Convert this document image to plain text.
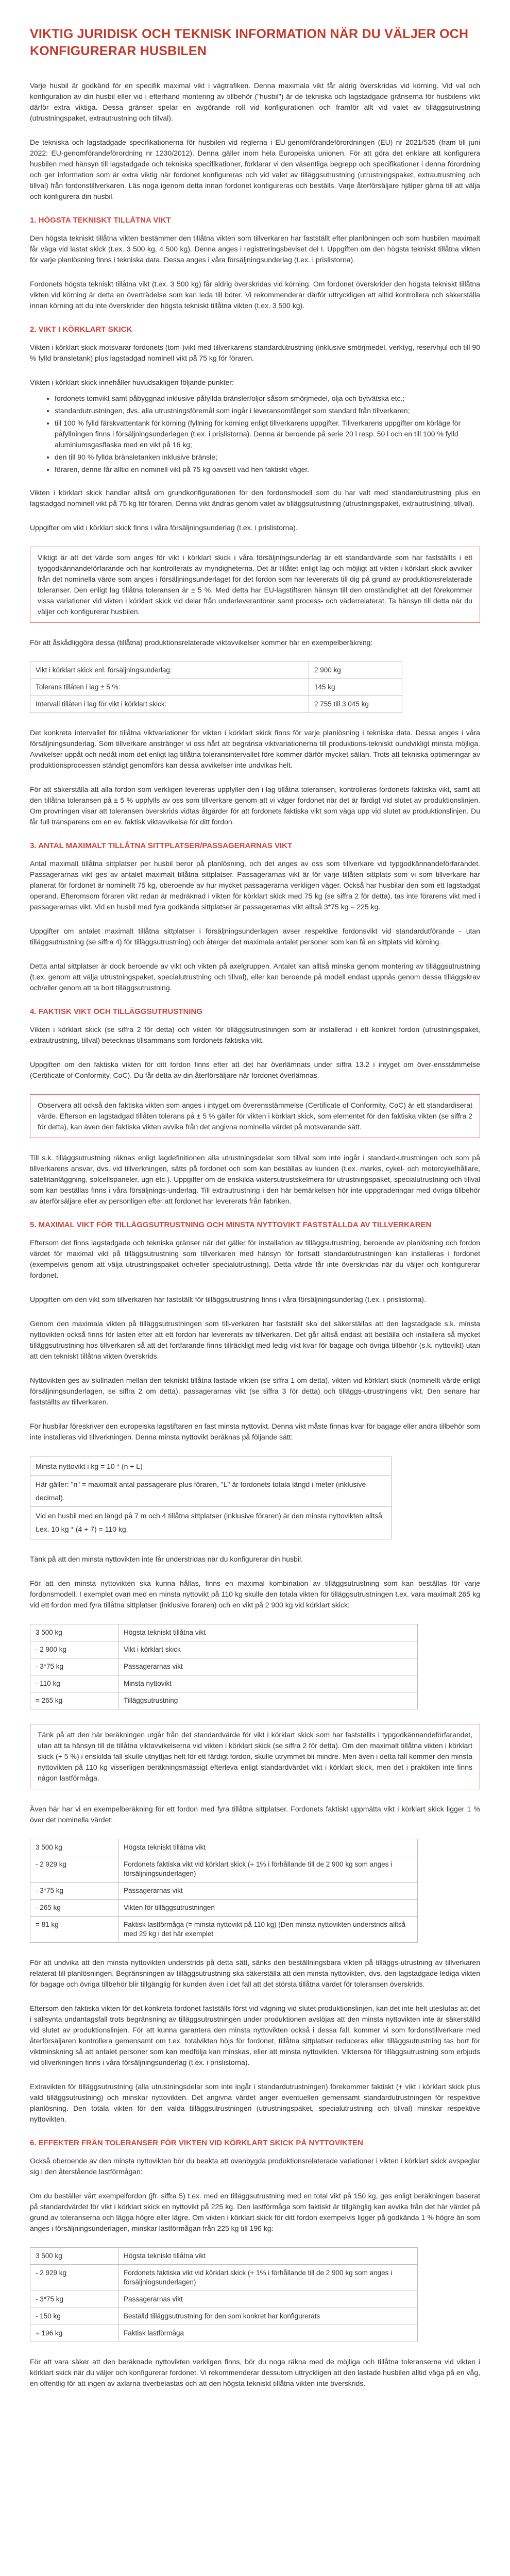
VIKTIG JURIDISK OCH TEKNISK INFORMATION NÄR DU VÄLJER OCH KONFIGURERAR HUSBILEN

Varje husbil är godkänd för en specifik maximal vikt i vägtrafiken. Denna maximala vikt får aldrig överskridas vid körning. Vid val och konfiguration av din husbil eller vid i efterhand montering av tillbehör ("husbil") är de tekniska och lagstadgade gränserna för husbilens vikt därför extra viktiga. Dessa gränser spelar en avgörande roll vid konfigurationen och framför allt vid valet av tilläggsutrustning (utrustningspaket, extrautrustning och tillval).

De tekniska och lagstadgade specifikationerna för husbilen vid reglerna i EU-genomförandeförordningen (EU) nr 2021/535 (fram till juni 2022: EU-genomförandeförordning nr 1230/2012). Denna gäller inom hela Europeiska unionen. För att göra det enklare att konfigurera husbilen med hänsyn till lagstadgade och tekniska specifikationer, förklarar vi den väsentliga begrepp och specifikationer i denna förordning och ger information som är extra viktig när fordonet konfigureras och vid valet av tilläggsutrustning (utrustningspaket, extrautrustning och tillval) från fordonstillverkaren. Läs noga igenom detta innan fordonet konfigureras och beställs. Varje återförsäljare hjälper gärna till att välja och konfigurera din husbil.

1. HÖGSTA TEKNISKT TILLÅTNA VIKT

Den högsta tekniskt tillåtna vikten bestämmer den tillåtna vikten som tillverkaren har fastställt efter planlöningen och som husbilen maximalt får väga vid lastat skick (t.ex. 3 500 kg, 4 500 kg). Denna anges i registreringsbeviset del I. Uppgiften om den högsta tekniskt tillåtna vikten för varje planlösning finns i tekniska data. Dessa anges i våra försäljningsunderlag (t.ex. i prislistorna).

Fordonets högsta tekniskt tillåtna vikt (t.ex. 3 500 kg) får aldrig överskridas vid körning. Om fordonet överskrider den högsta tekniskt tillåtna vikten vid körning är detta en överträdelse som kan leda till böter. Vi rekommenderar därför uttryckligen att alltid kontrollera och säkerställa innan körning att du inte överskrider den högsta tekniskt tillåtna vikten (t.ex. 3 500 kg).

2. VIKT I KÖRKLART SKICK

Vikten i körklart skick motsvarar fordonets (tom-)vikt med tillverkarens standardutrustning (inklusive smörjmedel, verktyg, reservhjul och till 90 % fylld bränsletank) plus lagstadgad nominell vikt på 75 kg för föraren.

Vikten i körklart skick innehåller huvudsakligen följande punkter:

• fordonets tomvikt samt påbyggnad inklusive påfyllda bränsler/oljor såsom smörjmedel, olja och bytvätska etc.;
• standardutrustningen, dvs. alla utrustningsföremål som ingår i leveransomfånget som standard från tillverkaren;
• till 100 % fylld färskvattentank för körning (fyllning för körning enligt tillverkarens uppgifter. Tillverkarens uppgifter om körläge för påfyllningen finns i försäljningsunderlagen (t.ex. i prislistorna). Denna är beroende på serie 20 l resp. 50 l och en till 100 % fylld aluminiumsgasflaska med en vikt på 16 kg;
• den till 90 % fyllda bränsletanken inklusive bränsle;
• föraren, denne får alltid en nominell vikt på 75 kg oavsett vad hen faktiskt väger.

Vikten i körklart skick handlar alltså om grundkonfigurationen för den fordonsmodell som du har valt med standardutrustning plus en lagstadgad nominell vikt på 75 kg för föraren. Denna vikt ändras genom valet av tilläggsutrustning (utrustningspaket, extrautrustning, tillval).

Uppgifter om vikt i körklart skick finns i våra försäljningsunderlag (t.ex. i prislistorna).

Viktigt är att det värde som anges för vikt i körklart skick i våra försäljningsunderlag är ett standardvärde som har fastställts i ett typgodkännandeförfarande och har kontrollerats av myndigheterna. Det är tillåtet enligt lag och möjligt att vikten i körklart skick avviker från det nominella värde som anges i försäljningsunderlaget för det fordon som har levererats till dig på grund av produktionsrelaterade toleranser. Den enligt lag tillåtna toleransen är ± 5 %. Med detta har EU-lagstiftaren hänsyn till den omständighet att det förekommer vissa variationer vid vikten i körklart skick vid delar från underleverantörer samt process- och väderrelaterat. Ta hänsyn till detta när du väljer och konfigurerar husbilen.

För att åskådliggöra dessa (tillåtna) produktionsrelaterade viktavvikelser kommer här en exempelberäkning:

Vikt i körklart skick enl. försäljningsunderlag:	2 900 kg
Tolerans tillåten i lag ± 5 %:	145 kg
Intervall tillåten i lag för vikt i körklart skick:	2 755 till 3 045 kg

Det konkreta intervallet för tillåtna viktvariationer för vikten i körklart skick finns för varje planlösning i tekniska data. Dessa anges i våra försäljningsunderlag. Som tillverkare anstränger vi oss hårt att begränsa viktvariationerna till produktions-tekniskt oundvikligt minsta möjliga. Avvikelser uppåt och nedåt inom det enligt lag tillåtna toleransintervallet före kommer därför mycket sällan. Trots att tekniska optimeringar av produktionsprocessen ständigt genomförs kan dessa avvikelser inte undvikas helt.

För att säkerställa att alla fordon som verkligen levereras uppfyller den i lag tillåtna toleransen, kontrolleras fordonets faktiska vikt, samt att den tillåtna toleransen på ± 5 % uppfylls av oss som tillverkare genom att vi väger fordonet när det är färdigt vid slutet av produktionslinjen. Om provningen visar att toleransen överskrids vidtas åtgärder för att fordonets faktiska vikt som väga upp vid slutet av produktionslinjen. Du får full transparens om en ev. faktisk viktavvikelse för ditt fordon.

3. ANTAL MAXIMALT TILLÅTNA SITTPLATSER/PASSAGERARNAS VIKT

Antal maximalt tillåtna sittplatser per husbil beror på planlösning, och det anges av oss som tillverkare vid typgodkännandeförfarandet. Passagerarnas vikt ges av antalet maximalt tillåtna sittplatser. Passagerarnas vikt är för varje tillåten sittplats som vi som tillverkare har planerat för fordonet är nominellt 75 kg, oberoende av hur mycket passagerarna verkligen väger. Också har husbilar den som ett lagstadgat operand. Efteromsom föraren vikt redan är medräknad i vikten för körklart skick med 75 kg (se siffra 2 för detta), tas inte förarens vikt med i passagerarnas vikt. Vid en husbil med fyra godkända sittplatser är passagerarnas vikt alltså 3*75 kg = 225 kg.

Uppgifter om antalet maximalt tillåtna sittplatser i försäljningsunderlagen avser respektive fordonsvikt vid standardutförande - utan tilläggsutrustning (se siffra 4) för tilläggsutrustning) och återger det maximala antalet personer som kan få en sittplats vid körning.

Detta antal sittplatser är dock beroende av vikt och vikten på axelgruppen. Antalet kan alltså minska genom montering av tilläggsutrustning (t.ex. genom att välja utrustningspaket, specialutrustning och tillval), eller kan beroende på modell endast uppnås genom dessa tilläggskrav och/eller genom att ta bort tilläggsutrustning.

4. FAKTISK VIKT OCH TILLÄGGSUTRUSTNING

Vikten i körklart skick (se siffra 2 för detta) och vikten för tilläggsutrustningen som är installerad i ett konkret fordon (utrustningspaket, extrautrustning, tillval) betecknas tillsammans som fordonets faktiska vikt.

Uppgiften om den faktiska vikten för ditt fordon finns efter att det har överlämnats under siffra 13.2 i intyget om över-ensstämmelse (Certificate of Conformity, CoC). Du får detta av din återförsäljare när fordonet överlämnas.

Observera att också den faktiska vikten som anges i intyget om överensstämmelse (Certificate of Conformity, CoC) är ett standardiserat värde. Efterson en lagstadgad tillåten tolerans på ± 5 % gäller för vikten i körklart skick, som elementet för den faktiska vikten (se siffra 2 för detta), kan även den faktiska vikten avvika från det angivna nominella värdet på motsvarande sätt.

Till s.k. tilläggsutrustning räknas enligt lagdefinitionen alla utrustningsdelar som tillval som inte ingår i standard-utrustningen och som på tillverkarens ansvar, dvs. vid tillverkningen, sätts på fordonet och som kan beställas av kunden (t.ex. markis, cykel- och motorcykelhållare, satellitanläggning, solcellspaneler, ugn etc.). Uppgifter om de enskilda viktersutrustskelmera för utrustningspaket, specialutrustning och tillval som kan beställas finns i våra försäljnings-underlag. Till extrautrustning i den här bemärkelsen hör inte uppgraderingar med övriga tillbehör av återförsäljare eller av personligen efter att fordonet har levererats från fabriken.

5. MAXIMAL VIKT FÖR TILLÄGGSUTRUSTNING OCH MINSTA NYTTOVIKT FASTSTÄLLDA AV TILLVERKAREN

Eftersom det finns lagstadgade och tekniska gränser när det gäller för installation av tilläggsutrustning, beroende av planlösning och fordon värdet för maximal vikt på tilläggsutrustning som tillverkaren med hänsyn för fortsatt standardutrustningen kan installeras i fordonet (exempelvis genom att välja utrustningspaket och/eller specialutrustning). Detta värde får inte överskridas när du väljer och konfigurerar fordonet.

Uppgiften om den vikt som tillverkaren har fastställt för tilläggsutrustning finns i våra försäljningsunderlag (t.ex. i prislistorna).

Genom den maximala vikten på tilläggsutrustningen som till-verkaren har fastställt ska det säkerställas att den lagstadgade s.k. minsta nyttovikten också finns för lasten efter att ett fordon har levererats av tillverkaren. Det går alltså endast att beställa och installera så mycket tilläggsutrustning hos tillverkaren så att det fortfarande finns tillräckligt med ledig vikt kvar för bagage och övriga tillbehör (s.k. nyttovikt) utan att den tekniskt tillåtna vikten överskrids.

Nyttovikten ges av skillnaden mellan den tekniskt tillåtna lastade vikten (se siffra 1 om detta), vikten vid körklart skick (nominellt värde enligt försäljningsunderlagen, se siffra 2 om detta), passagerarnas vikt (se siffra 3 för detta) och tilläggs-utrustningens vikt. Den senare har fastställts av tillverkaren.

För husbilar föreskriver den europeiska lagstiftaren en fast minsta nyttovikt. Denna vikt måste finnas kvar för bagage eller andra tillbehör som inte installeras vid tillverkningen. Denna minsta nyttovikt beräknas på följande sätt:

Minsta nyttovikt i kg = 10 * (n + L)

Här gäller: "n" = maximalt antal passagerare plus föraren, "L" är fordonets totala längd i meter (inklusive decimal).

Vid en husbil med en längd på 7 m och 4 tillåtna sittplatser (inklusive föraren) är den minsta nyttovikten alltså t.ex. 10 kg * (4 + 7) = 110 kg.

Tänk på att den minsta nyttovikten inte får understridas när du konfigurerar din husbil.

För att den minsta nyttovikten ska kunna hållas, finns en maximal kombination av tilläggsutrustning som kan beställas för varje fordonsmodell. I exemplet ovan med en minsta nyttovikt på 110 kg skulle den totala vikten för tilläggsutrustningen t.ex. vara maximalt 265 kg vid ett fordon med fyra tillåtna sittplatser (inklusive föraren) och en vikt på 2 900 kg vid körklart skick:

3 500 kg	Högsta tekniskt tillåtna vikt
- 2 900 kg	Vikt i körklart skick
- 3*75 kg	Passagerarnas vikt
- 110 kg	Minsta nyttovikt
= 265 kg	Tilläggsutrustning

Tänk på att den här beräkningen utgår från det standardvärde för vikt i körklart skick som har fastställts i typgodkännandeförfarandet, utan att ta hänsyn till de tillåtna viktavvikelserna vid vikten i körklart skick (se siffra 2 för detta). Om den maximalt tillåtna vikten i körklart skick (+ 5 %) i enskilda fall skulle utnyttjas helt för ett färdigt fordon, skulle utrymmet bli mindre. Men även i detta fall kommer den minsta nyttovikten på 110 kg visserligen beräkningsmässigt efterleva enligt standardvärdet vikt i körklart skick, men det i praktiken inte finns någon lastförmåga.

Även här har vi en exempelberäkning för ett fordon med fyra tillåtna sittplatser. Fordonets faktiskt uppmätta vikt i körklart skick ligger 1 % över det nominella värdet:

3 500 kg	Högsta tekniskt tillåtna vikt
- 2 929 kg	Fordonets faktiska vikt vid körklart skick (+ 1% i förhållande till de 2 900 kg som anges i försäljningsunderlagen)
- 3*75 kg	Passagerarnas vikt
- 265 kg	Vikten för tilläggsutrustningen
= 81 kg	Faktisk lastförmåga (= minsta nyttovikt på 110 kg) (Den minsta nyttovikten understrids alltså med 29 kg i det här exemplet

För att undvika att den minsta nyttovikten understrids på detta sätt, sänks den beställningsbara vikten på tilläggs-utrustning av tillverkaren relaterat till planlösningen. Begränsningen av tilläggsutrustning ska säkerställa att den minsta nyttovikten, dvs. den lagstadgade lediga vikten för bagage och övriga tillbehör blir tillgänglig för kunden även i det fall att det största tillåtna värdet för toleransen överskrids.

Eftersom den faktiska vikten för det konkreta fordonet fastställs först vid vägning vid slutet produktionslinjen, kan det inte helt uteslutas att det i sällsynta undantagsfall trots begränsning av tilläggsutrustningen under produktionen avslöjas att den minsta nyttovikten inte är säkerställd vid slutet av produktionslinjen. För att kunna garantera den minsta nyttovikten också i dessa fall, kommer vi som fordonstillverkare med återförsäljaren kontrollera gemensamt om t.ex. totalvikten höjs för fordonet, tillåtna sittplatser reduceras eller tilläggsutrustning tas bort för viktminskning så att antalet personer som kan medfölja kan minskas, eller att minsta nyttovikten. Viktersna för tilläggsutrustning som erbjuds vid tillverkningen finns i våra försäljningsunderlag (t.ex. i prislistorna).

Extravikten för tilläggsutrustning (alla utrustningsdelar som inte ingår i standardutrustningen) förekommer faktiskt (+ vikt i körklart skick plus vald tilläggsutrustning) och minskar nyttovikten. Det angivna värdet anger eventuellen gemensamt standardutrustningen för respektive planlösning. Den totala vikten för den valda tilläggsutrustningen (utrustningspaket, specialutrustning och tillval) minskar respektive nyttovikten.

6. EFFEKTER FRÅN TOLERANSER FÖR VIKTEN VID KÖRKLART SKICK PÅ NYTTOVIKTEN

Också oberoende av den minsta nyttovikten bör du beakta att ovanbygda produktionsrelaterade variationer i vikten i körklart skick avspeglar sig i den återstående lastförmågan:

Om du beställer vårt exempelfordon (jfr. siffra 5) t.ex. med en tilläggsutrustning med en total vikt på 150 kg, ges enligt beräkningen baserat på standardvärdet för vikt i körklart skick en nyttovikt på 225 kg. Den lastförmåga som faktiskt är tillgänglig kan avvika från det här värdet på grund av toleranserna och lägga högre eller lägre. Om vikten i körklart skick för ditt fordon exempelvis ligger på godkända 1 % högre än som anges i försäljningsunderlagen, minskar lastförmågan från 225 kg till 196 kg:

3 500 kg	Högsta tekniskt tillåtna vikt
- 2 929 kg	Fordonets faktiska vikt vid körklart skick (+ 1% i förhållande till de 2 900 kg som anges i försäljningsunderlagen)
- 3*75 kg	Passagerarnas vikt
- 150 kg	Beställd tilläggsutrustning för den som konkret har konfigurerats
= 196 kg	Faktisk lastförmåga

För att vara säker att den beräknade nyttovikten verkligen finns, bör du noga räkna med de möjliga och tillåtna toleranserna vid vikten i körklart skick när du väljer och konfigurerar fordonet. Vi rekommenderar dessutom uttryckligen att den lastade husbilen alltid väga på en våg, en offentlig för att ingen av axlarna överbelastas och att den högsta tekniskt tillåtna vikten inte överskrids.
